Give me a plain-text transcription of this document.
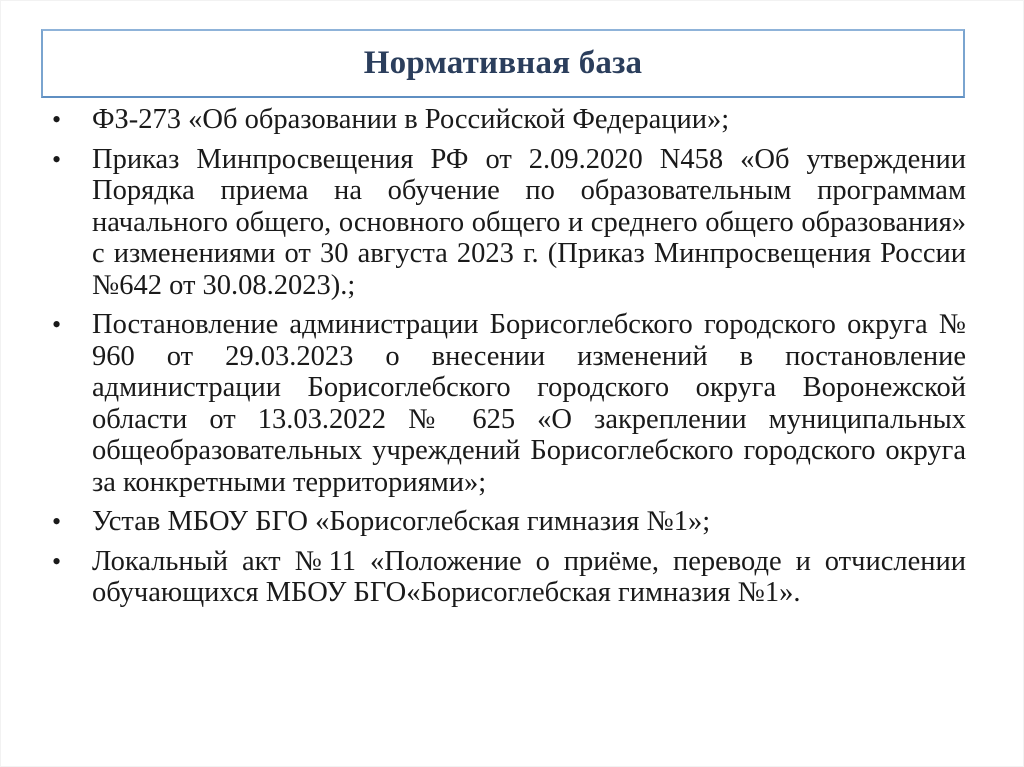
Нормативная база
•	ФЗ-273 «Об образовании в Российской Федерации»;
•	Приказ Минпросвещения РФ от 2.09.2020 N458 «Об утверждении Порядка приема на обучение по образовательным программам начального общего, основного общего и среднего общего образования» с изменениями от 30 августа 2023 г. (Приказ Минпросвещения России №642 от 30.08.2023).;
•	Постановление администрации Борисоглебского городского округа № 960 от 29.03.2023 о внесении изменений в постановление администрации Борисоглебского городского округа Воронежской области от 13.03.2022 № 625 «О закреплении муниципальных общеобразовательных учреждений Борисоглебского городского округа за конкретными территориями»;
•	Устав МБОУ БГО «Борисоглебская гимназия №1»;
•	Локальный акт №11 «Положение о приёме, переводе и отчислении обучающихся МБОУ БГО«Борисоглебская гимназия №1».
